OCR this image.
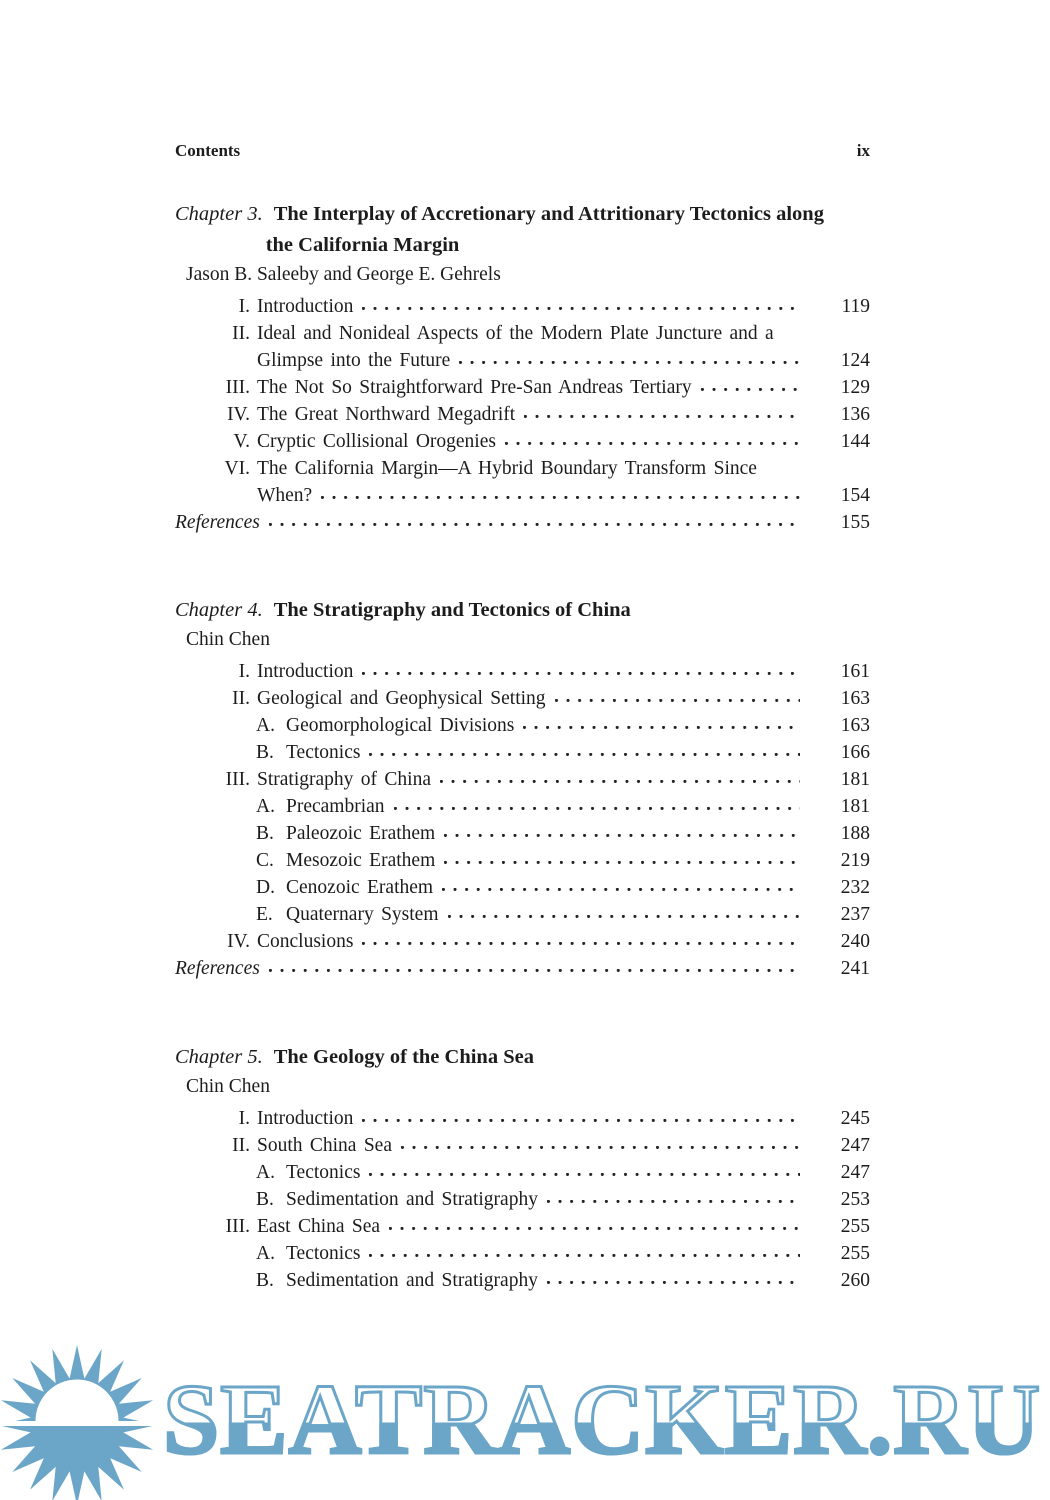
Contents	ix
Chapter 3. The Interplay of Accretionary and Attritionary Tectonics along
the California Margin
Jason B. Saleeby and George E. Gehrels
I. Introduction	119
II. Ideal and Nonideal Aspects of the Modern Plate Juncture and a
Glimpse into the Future	124
III. The Not So Straightforward Pre-San Andreas Tertiary	129
IV. The Great Northward Megadrift	136
V. Cryptic Collisional Orogenies	144
VI. The California Margin—A Hybrid Boundary Transform Since
When?	154
References	155
Chapter 4. The Stratigraphy and Tectonics of China
Chin Chen
I. Introduction	161
II. Geological and Geophysical Setting	163
A. Geomorphological Divisions	163
B. Tectonics	166
III. Stratigraphy of China	181
A. Precambrian	181
B. Paleozoic Erathem	188
C. Mesozoic Erathem	219
D. Cenozoic Erathem	232
E. Quaternary System	237
IV. Conclusions	240
References	241
Chapter 5. The Geology of the China Sea
Chin Chen
I. Introduction	245
II. South China Sea	247
A. Tectonics	247
B. Sedimentation and Stratigraphy	253
III. East China Sea	255
A. Tectonics	255
B. Sedimentation and Stratigraphy	260
SEATRACKER.RU
